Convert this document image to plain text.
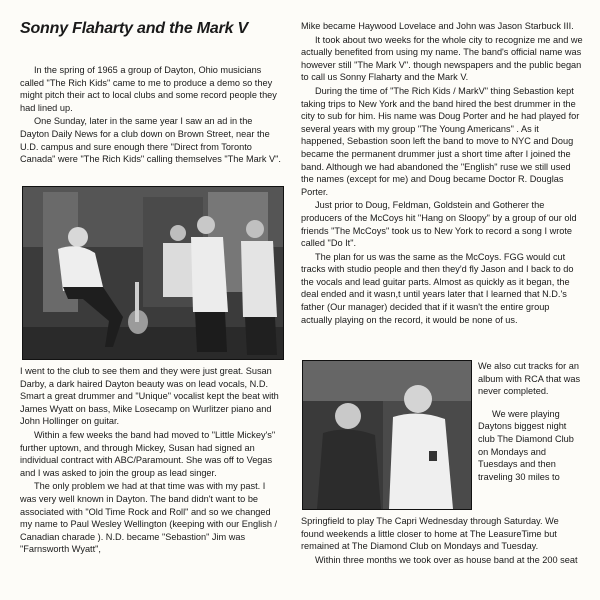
Sonny Flaharty and the Mark V

In the spring of 1965 a group of Dayton, Ohio musicians called "The Rich Kids" came to me to produce a demo so they might pitch their act to local clubs and some record people they had lined up.

One Sunday, later in the same year I saw an ad in the Dayton Daily News for a club down on Brown Street, near the U.D. campus and sure enough there "Direct from Toronto Canada" were "The Rich Kids" calling themselves "The Mark V".

I went to the club to see them and they were just great. Susan Darby, a dark haired Dayton beauty was on lead vocals, N.D. Smart a great drummer and "Unique" vocalist kept the beat with James Wyatt on bass, Mike Losecamp on Wurlitzer piano and John Hollinger on guitar.

Within a few weeks the band had moved to "Little Mickey's" further uptown, and through Mickey, Susan had signed an individual contract with ABC/Paramount. She was off to Vegas and I was asked to join the group as lead singer.

The only problem we had at that time was with my past. I was very well known in Dayton. The band didn't want to be associated with "Old Time Rock and Roll" and so we changed my name to Paul Wesley Wellington (keeping with our English / Canadian charade ). N.D. became "Sebastion" Jim was "Farnsworth Wyatt",

Mike became Haywood Lovelace and John was Jason Starbuck III.

It took about two weeks for the whole city to recognize me and we actually benefited from using my name. The band's official name was however still "The Mark V". though newspapers and the public began to call us Sonny Flaharty and the Mark V.

During the time of "The Rich Kids / MarkV" thing Sebastion kept taking trips to New York and the band hired the best drummer in the city to sub for him. His name was Doug Porter and he had played for several years with my group "The Young Americans" . As it happened, Sebastion soon left the band to move to NYC and Doug became the permanent drummer just a short time after I joined the band. Although we had abandoned the "English" ruse we still used the names (except for me) and Doug became Doctor R. Douglas Porter.

Just prior to Doug, Feldman, Goldstein and Gotherer the producers of the McCoys hit "Hang on Sloopy" by a group of our old friends "The McCoys" took us to New York to record a song I wrote called "Do It".

The plan for us was the same as the McCoys. FGG would cut tracks with studio people and then they'd fly Jason and I back to do the vocals and lead guitar parts. Almost as quickly as it began, the deal ended and it wasn,t until years later that I learned that N.D.'s father (Our manager) decided that if it wasn't the entire group actually playing on the record, it would be none of us.

We also cut tracks for an album with RCA that was never completed.

We were playing Daytons biggest night club The Diamond Club on Mondays and Tuesdays and then traveling 30 miles to

Springfield to play The Capri Wednesday through Saturday. We found weekends a little closer to home at The LeasureTime but remained at The Diamond Club on Mondays and Tuesday.

Within three months we took over as house band at the 200 seat
